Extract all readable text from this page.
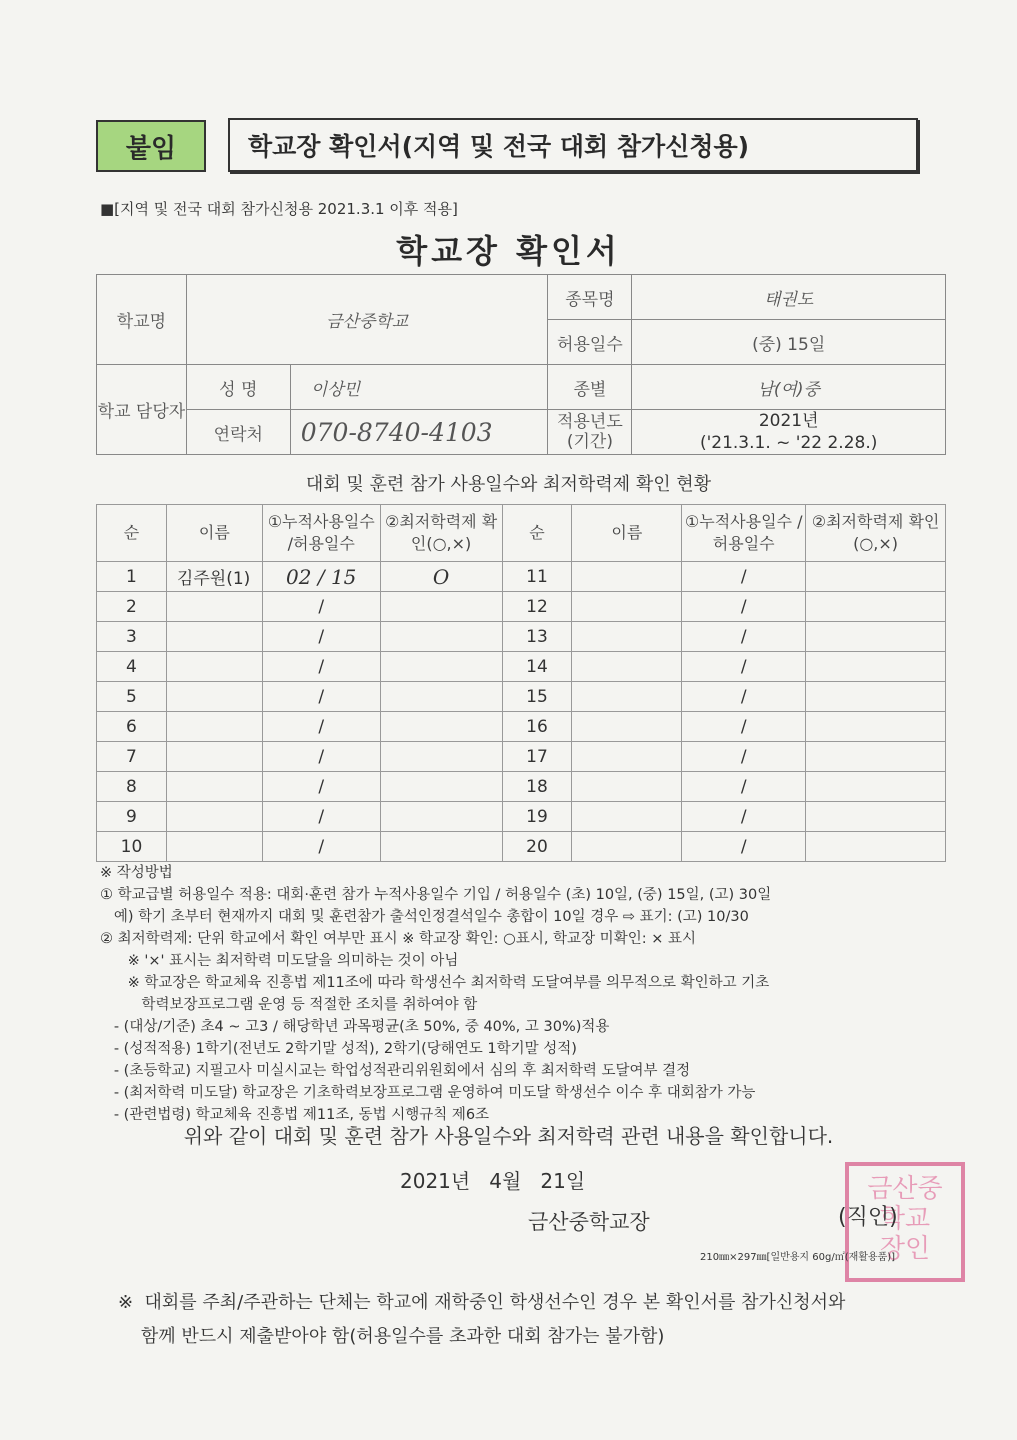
붙임	학교장 확인서(지역 및 전국 대회 참가신청용)
■[지역 및 전국 대회 참가신청용 2021.3.1 이후 적용]
학교장 확인서
학교명	금산중학교		종목명	태권도
			허용일수	(중) 15일
학교 담당자	성 명	이상민	종별	남(여)중
	연락처	070-8740-4103	적용년도 (기간)	2021년
('21.3.1. ~ '22 2.28.)
대회 및 훈련 참가 사용일수와 최저학력제 확인 현황
순	이름	①누적사용일수 /허용일수	②최저학력제 확인(○,×)	순	이름	①누적사용일수 /허용일수	②최저학력제 확인(○,×)
1	김주원(1)	02 / 15	O	11		/	
2		/		12		/	
3		/		13		/	
4		/		14		/	
5		/		15		/	
6		/		16		/	
7		/		17		/	
8		/		18		/	
9		/		19		/	
10		/		20		/	
※ 작성방법
① 학교급별 허용일수 적용: 대회·훈련 참가 누적사용일수 기입 / 허용일수 (초) 10일, (중) 15일, (고) 30일
예) 학기 초부터 현재까지 대회 및 훈련참가 출석인정결석일수 총합이 10일 경우 ⇨ 표기: (고) 10/30
② 최저학력제: 단위 학교에서 확인 여부만 표시 ※ 학교장 확인: ○표시, 학교장 미확인: × 표시
※ '×' 표시는 최저학력 미도달을 의미하는 것이 아님
※ 학교장은 학교체육 진흥법 제11조에 따라 학생선수 최저학력 도달여부를 의무적으로 확인하고 기초
학력보장프로그램 운영 등 적절한 조치를 취하여야 함
- (대상/기준) 초4 ~ 고3 / 해당학년 과목평균(초 50%, 중 40%, 고 30%)적용
- (성적적용) 1학기(전년도 2학기말 성적), 2학기(당해연도 1학기말 성적)
- (초등학교) 지필고사 미실시교는 학업성적관리위원회에서 심의 후 최저학력 도달여부 결정
- (최저학력 미도달) 학교장은 기초학력보장프로그램 운영하여 미도달 학생선수 이수 후 대회참가 가능
- (관련법령) 학교체육 진흥법 제11조, 동법 시행규칙 제6조
위와 같이 대회 및 훈련 참가 사용일수와 최저학력 관련 내용을 확인합니다.
2021년   4월   21일
금산중학교장
금산중
학교
장인
(직인)
210㎜×297㎜[일반용지 60g/㎡(재활용품)]
※  대회를 주최/주관하는 단체는 학교에 재학중인 학생선수인 경우 본 확인서를 참가신청서와
함께 반드시 제출받아야 함(허용일수를 초과한 대회 참가는 불가함)
